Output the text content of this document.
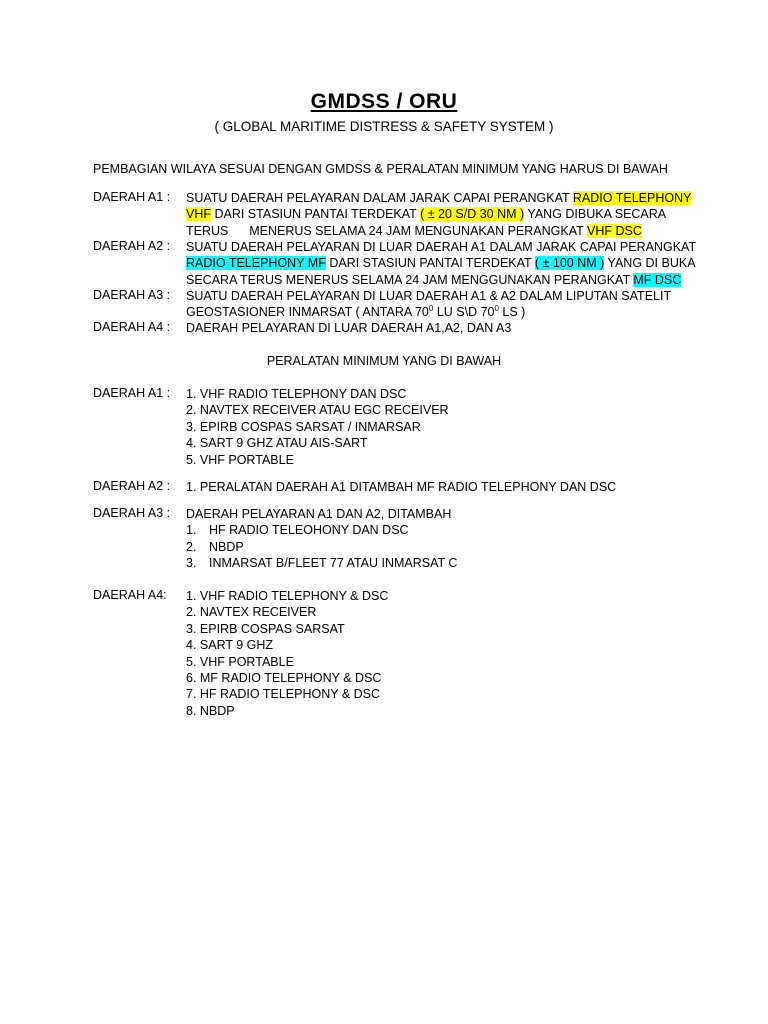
GMDSS / ORU
( GLOBAL MARITIME DISTRESS & SAFETY SYSTEM )
PEMBAGIAN WILAYA SESUAI DENGAN GMDSS & PERALATAN MINIMUM YANG HARUS DI BAWAH
DAERAH A1 : SUATU DAERAH PELAYARAN DALAM JARAK CAPAI PERANGKAT RADIO TELEPHONY
VHF DARI STASIUN PANTAI TERDEKAT ( ± 20 S/D 30 NM ) YANG DIBUKA SECARA
TERUS      MENERUS SELAMA 24 JAM MENGUNAKAN PERANGKAT VHF DSC
DAERAH A2 : SUATU DAERAH PELAYARAN DI LUAR DAERAH A1 DALAM JARAK CAPAI PERANGKAT
RADIO TELEPHONY MF DARI STASIUN PANTAI TERDEKAT ( ± 100 NM ) YANG DI BUKA
SECARA TERUS MENERUS SELAMA 24 JAM MENGGUNAKAN PERANGKAT MF DSC
DAERAH A3 : SUATU DAERAH PELAYARAN DI LUAR DAERAH A1 & A2 DALAM LIPUTAN SATELIT
GEOSTASIONER INMARSAT ( ANTARA $70^0$ LU S\D $70^0$ LS )
DAERAH A4 : DAERAH PELAYARAN DI LUAR DAERAH A1,A2, DAN A3
PERALATAN MINIMUM YANG DI BAWAH
DAERAH A1 : 1. VHF RADIO TELEPHONY DAN DSC
2. NAVTEX RECEIVER ATAU EGC RECEIVER
3. EPIRB COSPAS SARSAT / INMARSAR
4. SART 9 GHZ ATAU AIS-SART
5. VHF PORTABLE
DAERAH A2 : 1. PERALATAN DAERAH A1 DITAMBAH MF RADIO TELEPHONY DAN DSC
DAERAH A3 : DAERAH PELAYARAN A1 DAN A2, DITAMBAH
1. HF RADIO TELEOHONY DAN DSC
2. NBDP
3. INMARSAT B/FLEET 77 ATAU INMARSAT C
DAERAH A4: 1. VHF RADIO TELEPHONY & DSC
2. NAVTEX RECEIVER
3. EPIRB COSPAS SARSAT
4. SART 9 GHZ
5. VHF PORTABLE
6. MF RADIO TELEPHONY & DSC
7. HF RADIO TELEPHONY & DSC
8. NBDP
